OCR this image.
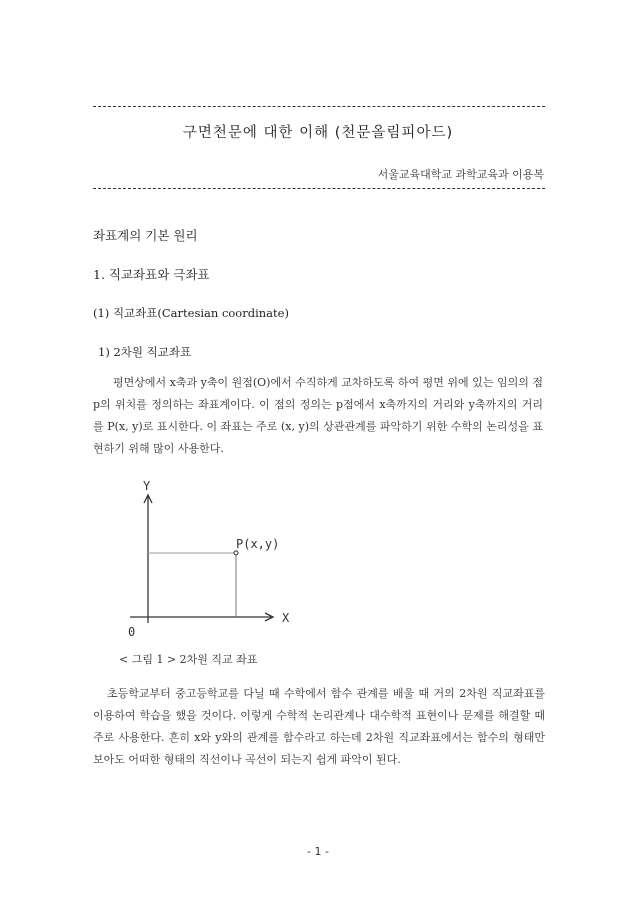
구면천문에 대한 이해 (천문올림피아드)
서울교육대학교 과학교육과 이용복
좌표계의 기본 원리
1. 직교좌표와 극좌표
(1) 직교좌표(Cartesian coordinate)
1) 2차원 직교좌표
평면상에서 x축과 y축이 원점(O)에서 수직하게 교차하도록 하여 평면 위에 있는 임의의 점 p의 위치를 정의하는 좌표계이다. 이 점의 정의는 p점에서 x축까지의 거리와 y축까지의 거리를 P(x, y)로 표시한다. 이 좌표는 주로 (x, y)의 상관관계를 파악하기 위한 수학의 논리성을 표현하기 위해 많이 사용한다.
Y
X
0
P(x,y)
< 그림 1 > 2차원 직교 좌표
초등학교부터 중고등학교를 다닐 때 수학에서 함수 관계를 배울 때 거의 2차원 직교좌표를 이용하여 학습을 했을 것이다. 이렇게 수학적 논리관계나 대수학적 표현이나 문제를 해결할 때 주로 사용한다. 흔히 x와 y와의 관계를 함수라고 하는데 2차원 직교좌표에서는 함수의 형태만 보아도 어떠한 형태의 직선이나 곡선이 되는지 쉽게 파악이 된다.
- 1 -
